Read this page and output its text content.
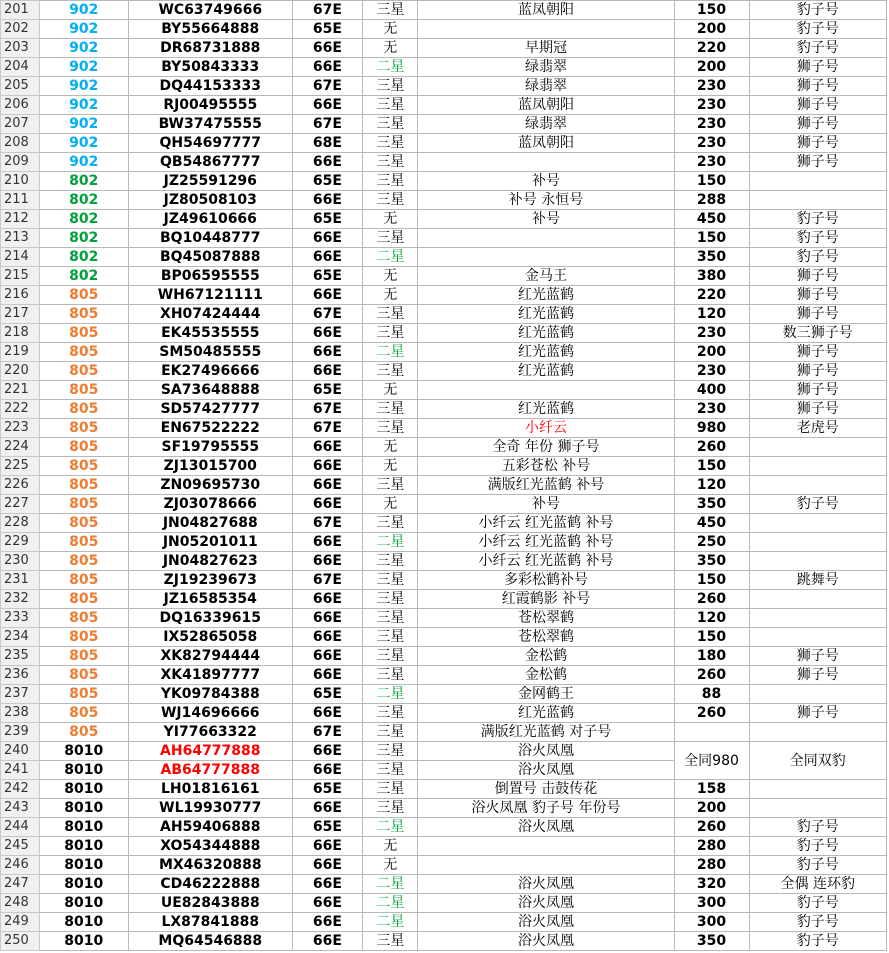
201	902	WC63749666	67E	三星	蓝凤朝阳	150	豹子号
202	902	BY55664888	65E	无		200	豹子号
203	902	DR68731888	66E	无	早期冠	220	豹子号
204	902	BY50843333	66E	二星	绿翡翠	200	狮子号
205	902	DQ44153333	67E	三星	绿翡翠	230	狮子号
206	902	RJ00495555	66E	三星	蓝凤朝阳	230	狮子号
207	902	BW37475555	67E	三星	绿翡翠	230	狮子号
208	902	QH54697777	68E	三星	蓝凤朝阳	230	狮子号
209	902	QB54867777	66E	三星		230	狮子号
210	802	JZ25591296	65E	三星	补号	150	
211	802	JZ80508103	66E	三星	补号 永恒号	288	
212	802	JZ49610666	65E	无	补号	450	豹子号
213	802	BQ10448777	66E	三星		150	豹子号
214	802	BQ45087888	66E	二星		350	豹子号
215	802	BP06595555	65E	无	金马王	380	狮子号
216	805	WH67121111	66E	无	红光蓝鹤	220	狮子号
217	805	XH07424444	67E	三星	红光蓝鹤	120	狮子号
218	805	EK45535555	66E	三星	红光蓝鹤	230	数三狮子号
219	805	SM50485555	66E	二星	红光蓝鹤	200	狮子号
220	805	EK27496666	66E	三星	红光蓝鹤	230	狮子号
221	805	SA73648888	65E	无		400	狮子号
222	805	SD57427777	67E	三星	红光蓝鹤	230	狮子号
223	805	EN67522222	67E	三星	小纤云	980	老虎号
224	805	SF19795555	66E	无	全奇 年份 狮子号	260	
225	805	ZJ13015700	66E	无	五彩苍松 补号	150	
226	805	ZN09695730	66E	三星	满版红光蓝鹤 补号	120	
227	805	ZJ03078666	66E	无	补号	350	豹子号
228	805	JN04827688	67E	三星	小纤云 红光蓝鹤 补号	450	
229	805	JN05201011	66E	二星	小纤云 红光蓝鹤 补号	250	
230	805	JN04827623	66E	三星	小纤云 红光蓝鹤 补号	350	
231	805	ZJ19239673	67E	三星	多彩松鹤补号	150	跳舞号
232	805	JZ16585354	66E	三星	红霞鹤影 补号	260	
233	805	DQ16339615	66E	三星	苍松翠鹤	120	
234	805	IX52865058	66E	三星	苍松翠鹤	150	
235	805	XK82794444	66E	三星	金松鹤	180	狮子号
236	805	XK41897777	66E	三星	金松鹤	260	狮子号
237	805	YK09784388	65E	二星	金网鹤王	88	
238	805	WJ14696666	66E	三星	红光蓝鹤	260	狮子号
239	805	YI77663322	67E	三星	满版红光蓝鹤 对子号		
240	8010	AH64777888	66E	三星	浴火凤凰	全同980	全同双豹
241	8010	AB64777888	66E	三星	浴火凤凰		
242	8010	LH01816161	65E	三星	倒置号 击鼓传花	158	
243	8010	WL19930777	66E	三星	浴火凤凰 豹子号 年份号	200	
244	8010	AH59406888	65E	二星	浴火凤凰	260	豹子号
245	8010	XO54344888	66E	无		280	豹子号
246	8010	MX46320888	66E	无		280	豹子号
247	8010	CD46222888	66E	二星	浴火凤凰	320	全偶 连环豹
248	8010	UE82843888	66E	二星	浴火凤凰	300	豹子号
249	8010	LX87841888	66E	二星	浴火凤凰	300	豹子号
250	8010	MQ64546888	66E	三星	浴火凤凰	350	豹子号
